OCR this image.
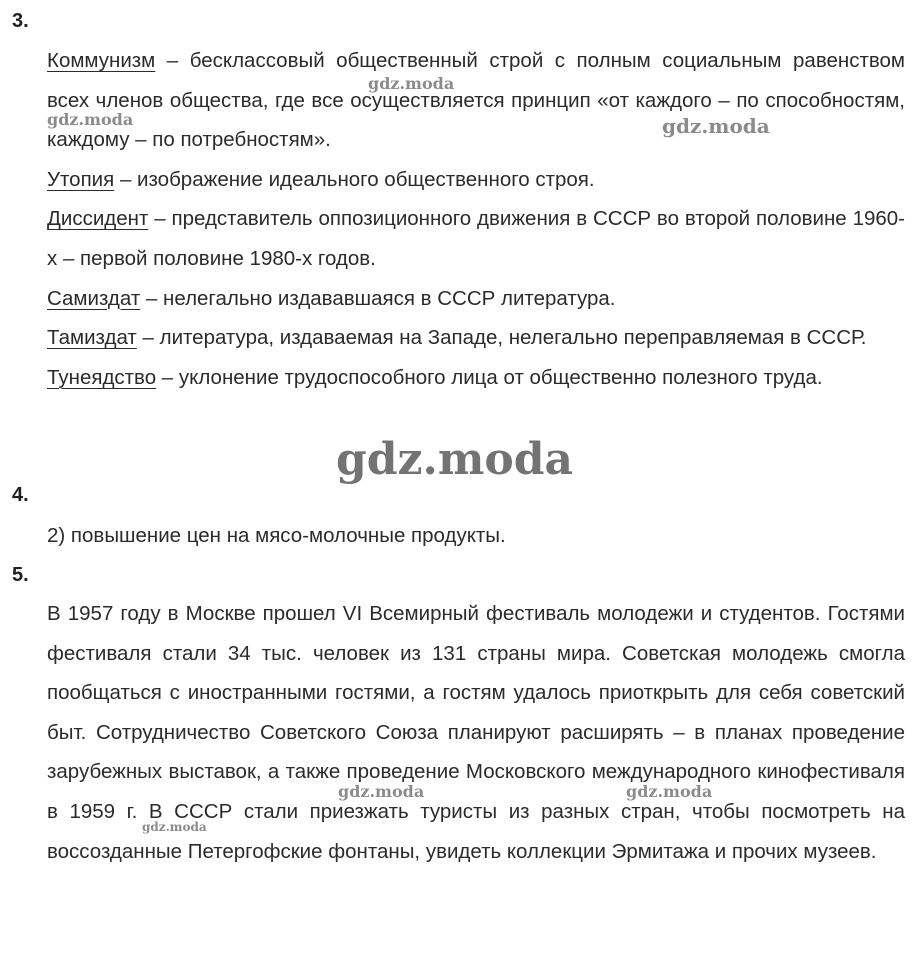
3.

Коммунизм – бесклассовый общественный строй с полным социальным равенством всех членов общества, где все осуществляется принцип «от каждого – по способностям, каждому – по потребностям».

Утопия – изображение идеального общественного строя.

Диссидент – представитель оппозиционного движения в СССР во второй половине 1960-х – первой половине 1980-х годов.

Самиздат – нелегально издававшаяся в СССР литература.

Тамиздат – литература, издаваемая на Западе, нелегально переправляемая в СССР.

Тунеядство – уклонение трудоспособного лица от общественно полезного труда.

4.

2) повышение цен на мясо-молочные продукты.

5.

В 1957 году в Москве прошел VI Всемирный фестиваль молодежи и студентов. Гостями фестиваля стали 34 тыс. человек из 131 страны мира. Советская молодежь смогла пообщаться с иностранными гостями, а гостям удалось приоткрыть для себя советский быт. Сотрудничество Советского Союза планируют расширять – в планах проведение зарубежных выставок, а также проведение Московского международного кинофестиваля в 1959 г. В СССР стали приезжать туристы из разных стран, чтобы посмотреть на воссозданные Петергофские фонтаны, увидеть коллекции Эрмитажа и прочих музеев.

gdz.moda
gdz.moda	gdz.moda
gdz.moda
gdz.moda	gdz.moda
gdz.moda
